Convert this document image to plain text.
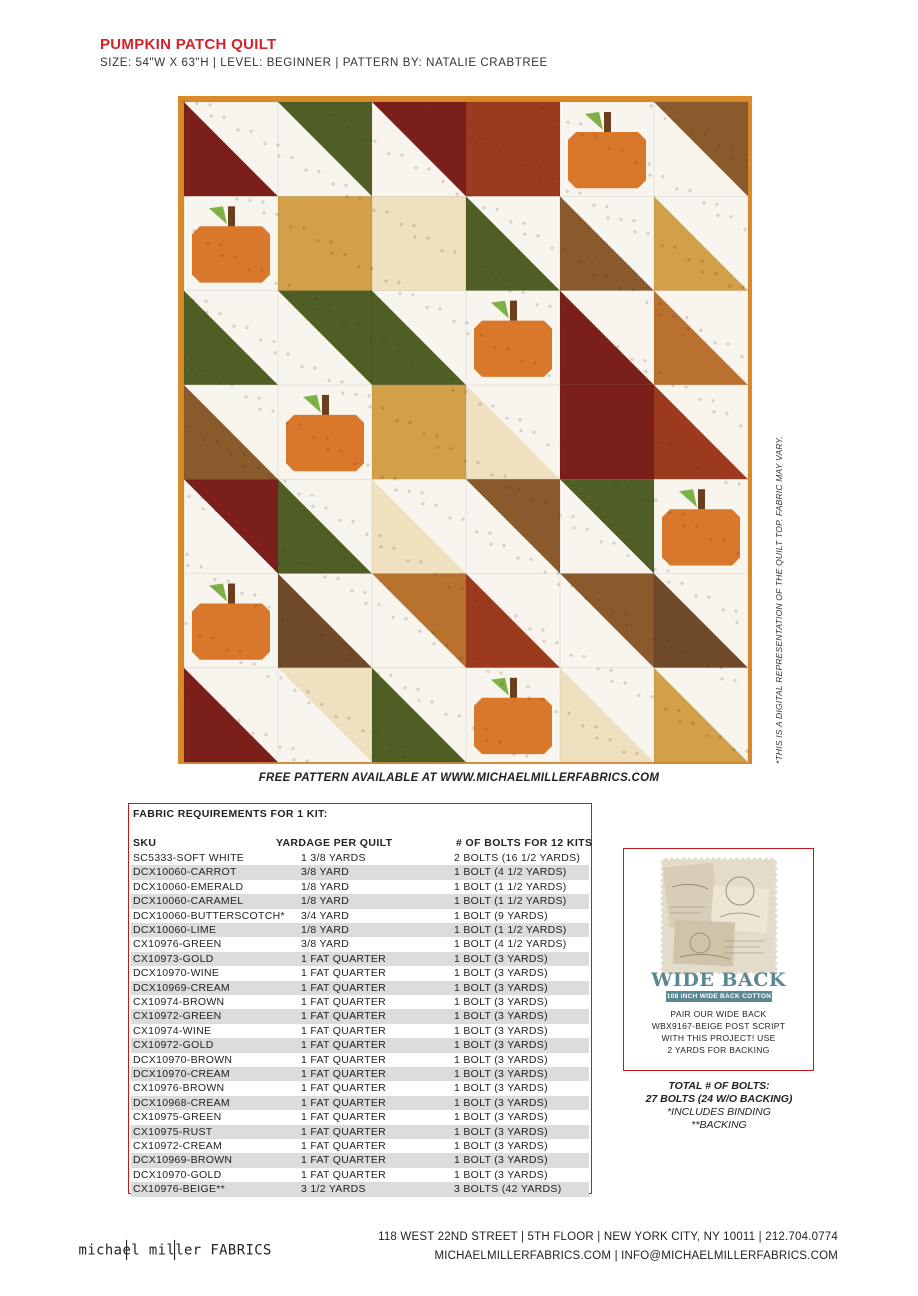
PUMPKIN PATCH QUILT
SIZE: 54"W X 63"H | LEVEL: BEGINNER | PATTERN BY: NATALIE CRABTREE
*THIS IS A DIGITAL REPRESENTATION OF THE QUILT TOP. FABRIC MAY VARY.
FREE PATTERN AVAILABLE AT WWW.MICHAELMILLERFABRICS.COM
FABRIC REQUIREMENTS FOR 1 KIT:
SKU	YARDAGE PER QUILT	# OF BOLTS FOR 12 KITS
SC5333-SOFT WHITE	1 3/8 YARDS	2 BOLTS (16 1/2 YARDS)
DCX10060-CARROT	3/8 YARD	1 BOLT (4 1/2 YARDS)
DCX10060-EMERALD	1/8 YARD	1 BOLT (1 1/2 YARDS)
DCX10060-CARAMEL	1/8 YARD	1 BOLT (1 1/2 YARDS)
DCX10060-BUTTERSCOTCH* 3/4 YARD	1 BOLT (9 YARDS)
DCX10060-LIME	1/8 YARD	1 BOLT (1 1/2 YARDS)
CX10976-GREEN	3/8 YARD	1 BOLT (4 1/2 YARDS)
CX10973-GOLD	1 FAT QUARTER	1 BOLT (3 YARDS)
DCX10970-WINE	1 FAT QUARTER	1 BOLT (3 YARDS)
DCX10969-CREAM	1 FAT QUARTER	1 BOLT (3 YARDS)
CX10974-BROWN	1 FAT QUARTER	1 BOLT (3 YARDS)
CX10972-GREEN	1 FAT QUARTER	1 BOLT (3 YARDS)
CX10974-WINE	1 FAT QUARTER	1 BOLT (3 YARDS)
CX10972-GOLD	1 FAT QUARTER	1 BOLT (3 YARDS)
DCX10970-BROWN	1 FAT QUARTER	1 BOLT (3 YARDS)
DCX10970-CREAM	1 FAT QUARTER	1 BOLT (3 YARDS)
CX10976-BROWN	1 FAT QUARTER	1 BOLT (3 YARDS)
DCX10968-CREAM	1 FAT QUARTER	1 BOLT (3 YARDS)
CX10975-GREEN	1 FAT QUARTER	1 BOLT (3 YARDS)
CX10975-RUST	1 FAT QUARTER	1 BOLT (3 YARDS)
CX10972-CREAM	1 FAT QUARTER	1 BOLT (3 YARDS)
DCX10969-BROWN	1 FAT QUARTER	1 BOLT (3 YARDS)
DCX10970-GOLD	1 FAT QUARTER	1 BOLT (3 YARDS)
CX10976-BEIGE**	3 1/2 YARDS	3 BOLTS (42 YARDS)
WIDE BACK
108 INCH WIDE BACK COTTON
PAIR OUR WIDE BACK
WBX9167-BEIGE POST SCRIPT
WITH THIS PROJECT! USE
2 YARDS FOR BACKING
TOTAL # OF BOLTS:
27 BOLTS (24 W/O BACKING)
*INCLUDES BINDING
**BACKING
michael miller FABRICS
118 WEST 22ND STREET | 5TH FLOOR | NEW YORK CITY, NY 10011 | 212.704.0774
MICHAELMILLERFABRICS.COM | INFO@MICHAELMILLERFABRICS.COM
